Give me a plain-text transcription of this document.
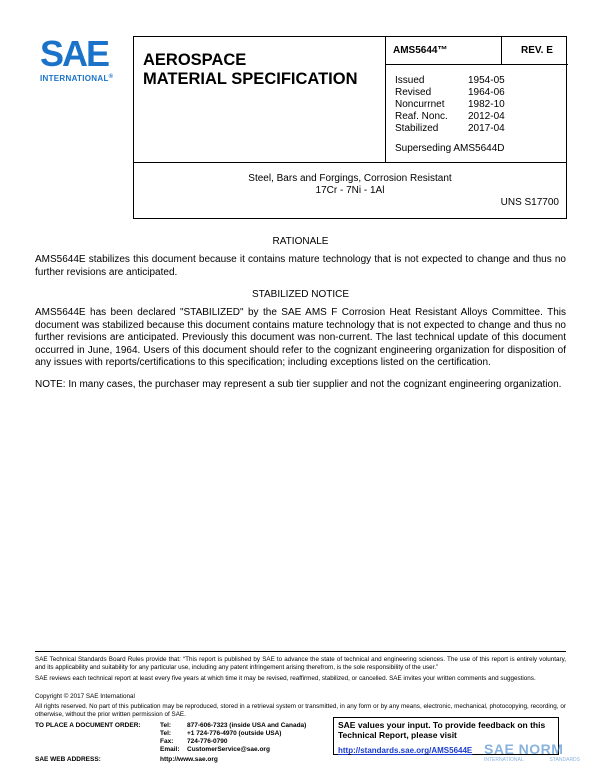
SAE
INTERNATIONAL®
AEROSPACE
MATERIAL SPECIFICATION
AMS5644™	REV. E
Issued	1954-05
Revised	1964-06
Noncurrnet 1982-10
Reaf. Nonc. 2012-04
Stabilized	2017-04
Superseding AMS5644D
Steel, Bars and Forgings, Corrosion Resistant
17Cr - 7Ni - 1Al
UNS S17700
RATIONALE
AMS5644E stabilizes this document because it contains mature technology that is not expected to change and thus no further revisions are anticipated.
STABILIZED NOTICE
AMS5644E has been declared "STABILIZED" by the SAE AMS F Corrosion Heat Resistant Alloys Committee. This document was stabilized because this document contains mature technology that is not expected to change and thus no further revisions are anticipated. Previously this document was non-current. The last technical update of this document occurred in June, 1964. Users of this document should refer to the cognizant engineering organization for disposition of any issues with reports/certifications to this specification; including exceptions listed on the certification.
NOTE: In many cases, the purchaser may represent a sub tier supplier and not the cognizant engineering organization.
SAE Technical Standards Board Rules provide that: “This report is published by SAE to advance the state of technical and engineering sciences. The use of this report is entirely voluntary, and its applicability and suitability for any particular use, including any patent infringement arising therefrom, is the sole responsibility of the user.”
SAE reviews each technical report at least every five years at which time it may be revised, reaffirmed, stabilized, or cancelled. SAE invites your written comments and suggestions.
Copyright © 2017 SAE International
All rights reserved. No part of this publication may be reproduced, stored in a retrieval system or transmitted, in any form or by any means, electronic, mechanical, photocopying, recording, or otherwise, without the prior written permission of SAE.
TO PLACE A DOCUMENT ORDER:	Tel: 877-606-7323 (inside USA and Canada)
Tel: +1 724-776-4970 (outside USA)
Fax: 724-776-0790
Email: CustomerService@sae.org
SAE WEB ADDRESS:	http://www.sae.org
SAE values your input. To provide feedback on this
Technical Report, please visit
http://standards.sae.org/AMS5644E SAE NORM
INTERNATIONAL	STANDARDS
